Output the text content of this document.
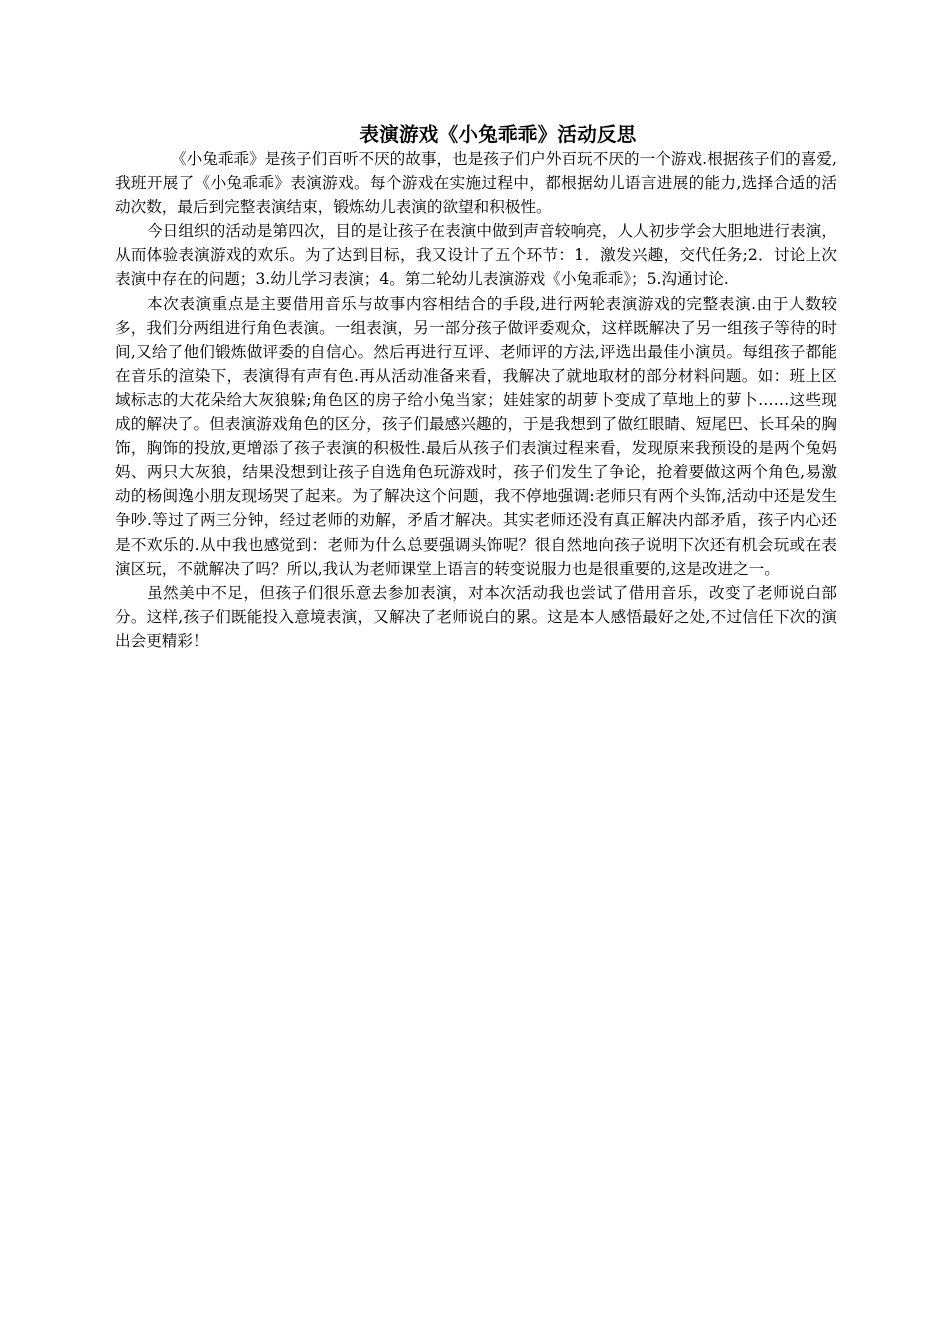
表演游戏《小兔乖乖》活动反思

《小兔乖乖》是孩子们百听不厌的故事，也是孩子们户外百玩不厌的一个游戏.根据孩子们的喜爱,我班开展了《小兔乖乖》表演游戏。每个游戏在实施过程中，都根据幼儿语言进展的能力,选择合适的活动次数，最后到完整表演结束，锻炼幼儿表演的欲望和积极性。

今日组织的活动是第四次，目的是让孩子在表演中做到声音较响亮，人人初步学会大胆地进行表演，从而体验表演游戏的欢乐。为了达到目标，我又设计了五个环节：1．激发兴趣，交代任务;2．讨论上次表演中存在的问题；3.幼儿学习表演；4。第二轮幼儿表演游戏《小兔乖乖》；5.沟通讨论.

本次表演重点是主要借用音乐与故事内容相结合的手段,进行两轮表演游戏的完整表演.由于人数较多，我们分两组进行角色表演。一组表演，另一部分孩子做评委观众，这样既解决了另一组孩子等待的时间,又给了他们锻炼做评委的自信心。然后再进行互评、老师评的方法,评选出最佳小演员。每组孩子都能在音乐的渲染下，表演得有声有色.再从活动准备来看，我解决了就地取材的部分材料问题。如：班上区域标志的大花朵给大灰狼躲;角色区的房子给小兔当家；娃娃家的胡萝卜变成了草地上的萝卜……这些现成的解决了。但表演游戏角色的区分，孩子们最感兴趣的，于是我想到了做红眼睛、短尾巴、长耳朵的胸饰，胸饰的投放,更增添了孩子表演的积极性.最后从孩子们表演过程来看，发现原来我预设的是两个兔妈妈、两只大灰狼，结果没想到让孩子自选角色玩游戏时，孩子们发生了争论，抢着要做这两个角色,易激动的杨闽逸小朋友现场哭了起来。为了解决这个问题，我不停地强调:老师只有两个头饰,活动中还是发生争吵.等过了两三分钟，经过老师的劝解，矛盾才解决。其实老师还没有真正解决内部矛盾，孩子内心还是不欢乐的.从中我也感觉到：老师为什么总要强调头饰呢？很自然地向孩子说明下次还有机会玩或在表演区玩，不就解决了吗？所以,我认为老师课堂上语言的转变说服力也是很重要的,这是改进之一。

虽然美中不足，但孩子们很乐意去参加表演，对本次活动我也尝试了借用音乐，改变了老师说白部分。这样,孩子们既能投入意境表演，又解决了老师说白的累。这是本人感悟最好之处,不过信任下次的演出会更精彩！
